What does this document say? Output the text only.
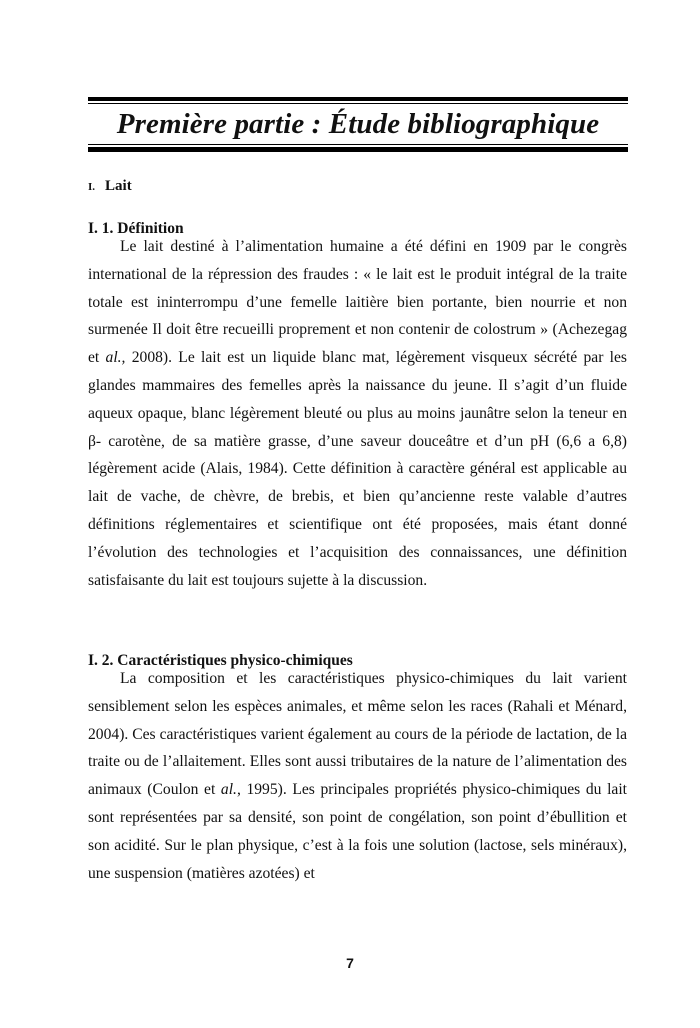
Première partie : Étude bibliographique
I. Lait
I. 1. Définition

Le lait destiné à l’alimentation humaine a été défini en 1909 par le congrès international de la répression des fraudes : « le lait est le produit intégral de la traite totale est ininterrompu d’une femelle laitière bien portante, bien nourrie et non surmenée Il doit être recueilli proprement et non contenir de colostrum » (Achezegag et al., 2008). Le lait est un liquide blanc mat, légèrement visqueux sécrété par les glandes mammaires des femelles après la naissance du jeune. Il s’agit d’un fluide aqueux opaque, blanc légèrement bleuté ou plus au moins jaunâtre selon la teneur en β- carotène, de sa matière grasse, d’une saveur douceâtre et d’un pH (6,6 a 6,8) légèrement acide (Alais, 1984). Cette définition à caractère général est applicable au lait de vache, de chèvre, de brebis, et bien qu’ancienne reste valable d’autres définitions réglementaires et scientifique ont été proposées, mais étant donné l’évolution des technologies et l’acquisition des connaissances, une définition satisfaisante du lait est toujours sujette à la discussion.

I. 2. Caractéristiques physico-chimiques

La composition et les caractéristiques physico-chimiques du lait varient sensiblement selon les espèces animales, et même selon les races (Rahali et Ménard, 2004). Ces caractéristiques varient également au cours de la période de lactation, de la traite ou de l’allaitement. Elles sont aussi tributaires de la nature de l’alimentation des animaux (Coulon et al., 1995). Les principales propriétés physico-chimiques du lait sont représentées par sa densité, son point de congélation, son point d’ébullition et son acidité. Sur le plan physique, c’est à la fois une solution (lactose, sels minéraux), une suspension (matières azotées) et

7
